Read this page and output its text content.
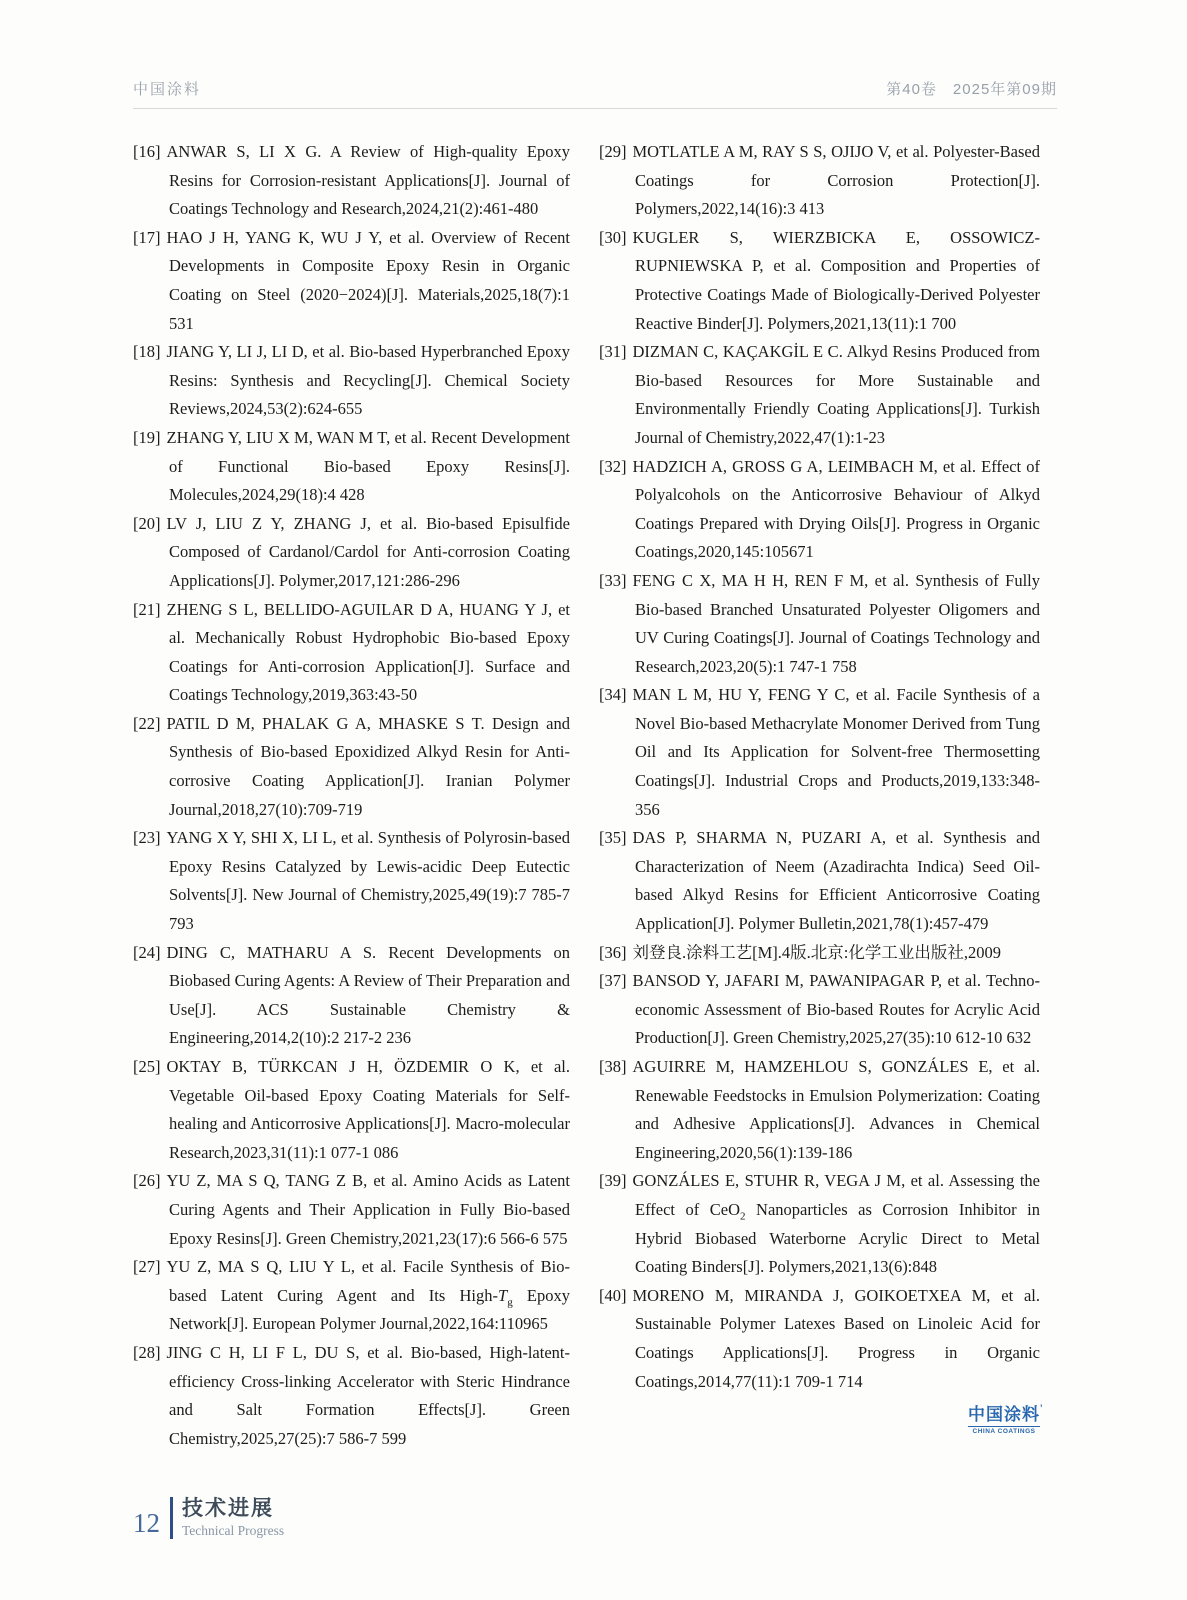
中国涂料	第40卷　2025年第09期

[16] ANWAR S, LI X G. A Review of High-quality Epoxy Resins for Corrosion-resistant Applications[J]. Journal of Coatings Technology and Research,2024,21(2):461-480

[17] HAO J H, YANG K, WU J Y, et al. Overview of Recent Developments in Composite Epoxy Resin in Organic Coating on Steel (2020−2024)[J]. Materials,2025,18(7):1 531

[18] JIANG Y, LI J, LI D, et al. Bio-based Hyperbranched Epoxy Resins: Synthesis and Recycling[J]. Chemical Society Reviews,2024,53(2):624-655

[19] ZHANG Y, LIU X M, WAN M T, et al. Recent Development of Functional Bio-based Epoxy Resins[J]. Molecules,2024,29(18):4 428

[20] LV J, LIU Z Y, ZHANG J, et al. Bio-based Episulfide Composed of Cardanol/Cardol for Anti-corrosion Coating Applications[J]. Polymer,2017,121:286-296

[21] ZHENG S L, BELLIDO-AGUILAR D A, HUANG Y J, et al. Mechanically Robust Hydrophobic Bio-based Epoxy Coatings for Anti-corrosion Application[J]. Surface and Coatings Technology,2019,363:43-50

[22] PATIL D M, PHALAK G A, MHASKE S T. Design and Synthesis of Bio-based Epoxidized Alkyd Resin for Anti-corrosive Coating Application[J]. Iranian Polymer Journal,2018,27(10):709-719

[23] YANG X Y, SHI X, LI L, et al. Synthesis of Polyrosin-based Epoxy Resins Catalyzed by Lewis-acidic Deep Eutectic Solvents[J]. New Journal of Chemistry,2025,49(19):7 785-7 793

[24] DING C, MATHARU A S. Recent Developments on Biobased Curing Agents: A Review of Their Preparation and Use[J]. ACS Sustainable Chemistry & Engineering,2014,2(10):2 217-2 236

[25] OKTAY B, TÜRKCAN J H, ÖZDEMIR O K, et al. Vegetable Oil-based Epoxy Coating Materials for Self-healing and Anticorrosive Applications[J]. Macro-molecular Research,2023,31(11):1 077-1 086

[26] YU Z, MA S Q, TANG Z B, et al. Amino Acids as Latent Curing Agents and Their Application in Fully Bio-based Epoxy Resins[J]. Green Chemistry,2021,23(17):6 566-6 575

[27] YU Z, MA S Q, LIU Y L, et al. Facile Synthesis of Bio-based Latent Curing Agent and Its High-$T_g$ Epoxy Network[J]. European Polymer Journal,2022,164:110965

[28] JING C H, LI F L, DU S, et al. Bio-based, High-latent-efficiency Cross-linking Accelerator with Steric Hindrance and Salt Formation Effects[J]. Green Chemistry,2025,27(25):7 586-7 599

[29] MOTLATLE A M, RAY S S, OJIJO V, et al. Polyester-Based Coatings for Corrosion Protection[J]. Polymers,2022,14(16):3 413

[30] KUGLER S, WIERZBICKA E, OSSOWICZ-RUPNIEWSKA P, et al. Composition and Properties of Protective Coatings Made of Biologically-Derived Polyester Reactive Binder[J]. Polymers,2021,13(11):1 700

[31] DIZMAN C, KAÇAKGİL E C. Alkyd Resins Produced from Bio-based Resources for More Sustainable and Environmentally Friendly Coating Applications[J]. Turkish Journal of Chemistry,2022,47(1):1-23

[32] HADZICH A, GROSS G A, LEIMBACH M, et al. Effect of Polyalcohols on the Anticorrosive Behaviour of Alkyd Coatings Prepared with Drying Oils[J]. Progress in Organic Coatings,2020,145:105671

[33] FENG C X, MA H H, REN F M, et al. Synthesis of Fully Bio-based Branched Unsaturated Polyester Oligomers and UV Curing Coatings[J]. Journal of Coatings Technology and Research,2023,20(5):1 747-1 758

[34] MAN L M, HU Y, FENG Y C, et al. Facile Synthesis of a Novel Bio-based Methacrylate Monomer Derived from Tung Oil and Its Application for Solvent-free Thermosetting Coatings[J]. Industrial Crops and Products,2019,133:348-356

[35] DAS P, SHARMA N, PUZARI A, et al. Synthesis and Characterization of Neem (Azadirachta Indica) Seed Oil-based Alkyd Resins for Efficient Anticorrosive Coating Application[J]. Polymer Bulletin,2021,78(1):457-479

[36] 刘登良.涂料工艺[M].4版.北京:化学工业出版社,2009

[37] BANSOD Y, JAFARI M, PAWANIPAGAR P, et al. Techno-economic Assessment of Bio-based Routes for Acrylic Acid Production[J]. Green Chemistry,2025,27(35):10 612-10 632

[38] AGUIRRE M, HAMZEHLOU S, GONZÁLES E, et al. Renewable Feedstocks in Emulsion Polymerization: Coating and Adhesive Applications[J]. Advances in Chemical Engineering,2020,56(1):139-186

[39] GONZÁLES E, STUHR R, VEGA J M, et al. Assessing the Effect of CeO$_2$ Nanoparticles as Corrosion Inhibitor in Hybrid Biobased Waterborne Acrylic Direct to Metal Coating Binders[J]. Polymers,2021,13(6):848

[40] MORENO M, MIRANDA J, GOIKOETXEA M, et al. Sustainable Polymer Latexes Based on Linoleic Acid for Coatings Applications[J]. Progress in Organic Coatings,2014,77(11):1 709-1 714

中国涂料 ’
CHINA COATINGS
12 技术进展
Technical Progress
